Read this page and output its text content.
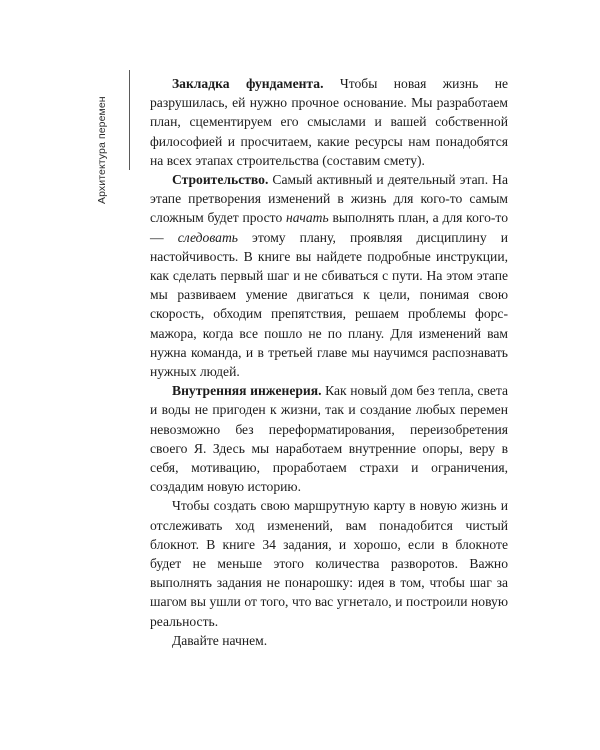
Архитектура перемен

Закладка фундамента. Чтобы новая жизнь не разрушилась, ей нужно прочное основание. Мы разработаем план, сцементируем его смыслами и вашей собственной философией и просчитаем, какие ресурсы нам понадобятся на всех этапах строительства (составим смету).

Строительство. Самый активный и деятельный этап. На этапе претворения изменений в жизнь для кого-то самым сложным будет просто начать выполнять план, а для кого-то — следовать этому плану, проявляя дисциплину и настойчивость. В книге вы найдете подробные инструкции, как сделать первый шаг и не сбиваться с пути. На этом этапе мы развиваем умение двигаться к цели, понимая свою скорость, обходим препятствия, решаем проблемы форс-мажора, когда все пошло не по плану. Для изменений вам нужна команда, и в третьей главе мы научимся распознавать нужных людей.

Внутренняя инженерия. Как новый дом без тепла, света и воды не пригоден к жизни, так и создание любых перемен невозможно без переформатирования, переизобретения своего Я. Здесь мы наработаем внутренние опоры, веру в себя, мотивацию, проработаем страхи и ограничения, создадим новую историю.

Чтобы создать свою маршрутную карту в новую жизнь и отслеживать ход изменений, вам понадобится чистый блокнот. В книге 34 задания, и хорошо, если в блокноте будет не меньше этого количества разворотов. Важно выполнять задания не понарошку: идея в том, чтобы шаг за шагом вы ушли от того, что вас угнетало, и построили новую реальность.

Давайте начнем.
